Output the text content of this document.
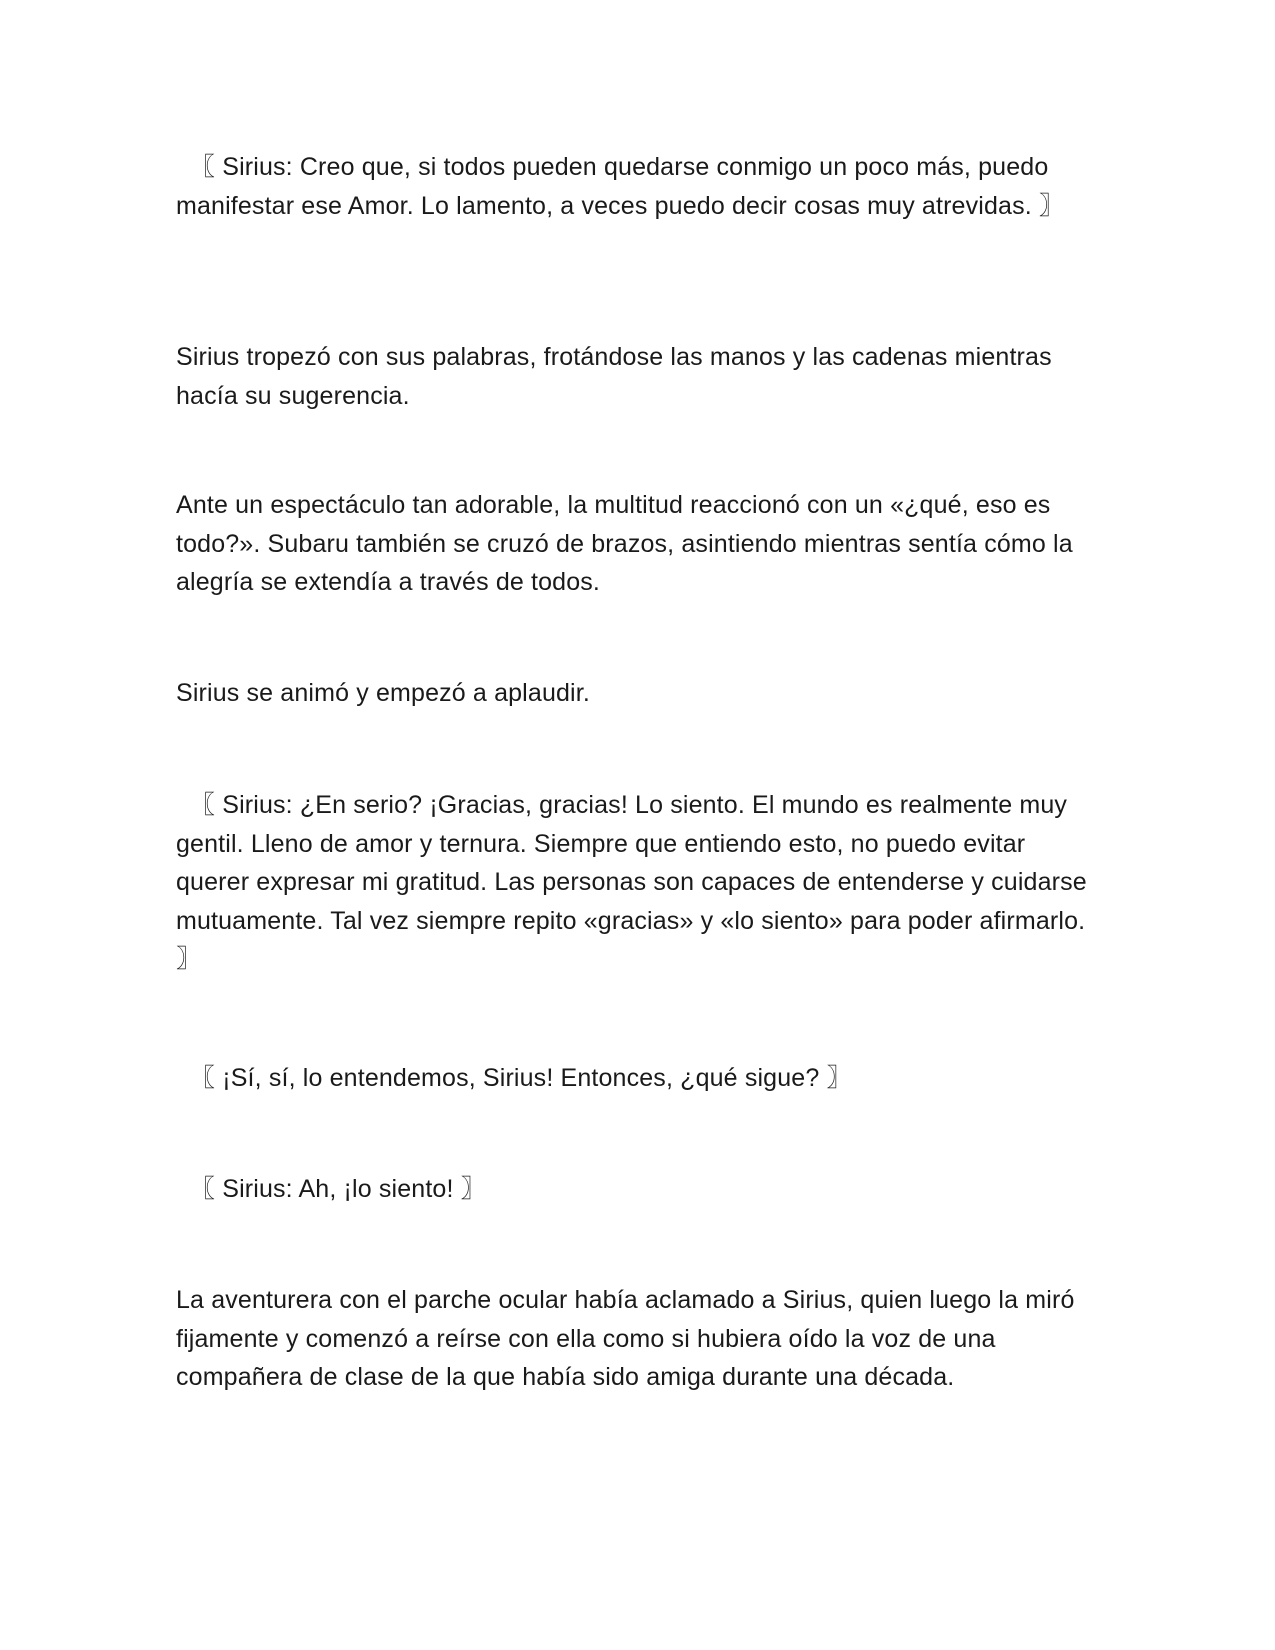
〖 Sirius: Creo que, si todos pueden quedarse conmigo un poco más, puedo manifestar ese Amor. Lo lamento, a veces puedo decir cosas muy atrevidas. 〗

Sirius tropezó con sus palabras, frotándose las manos y las cadenas mientras hacía su sugerencia.

Ante un espectáculo tan adorable, la multitud reaccionó con un «¿qué, eso es todo?». Subaru también se cruzó de brazos, asintiendo mientras sentía cómo la alegría se extendía a través de todos.

Sirius se animó y empezó a aplaudir.

〖 Sirius: ¿En serio? ¡Gracias, gracias! Lo siento. El mundo es realmente muy gentil. Lleno de amor y ternura. Siempre que entiendo esto, no puedo evitar querer expresar mi gratitud. Las personas son capaces de entenderse y cuidarse mutuamente. Tal vez siempre repito «gracias» y «lo siento» para poder afirmarlo. 〗

〖 ¡Sí, sí, lo entendemos, Sirius! Entonces, ¿qué sigue? 〗

〖 Sirius: Ah, ¡lo siento! 〗

La aventurera con el parche ocular había aclamado a Sirius, quien luego la miró fijamente y comenzó a reírse con ella como si hubiera oído la voz de una compañera de clase de la que había sido amiga durante una década.
